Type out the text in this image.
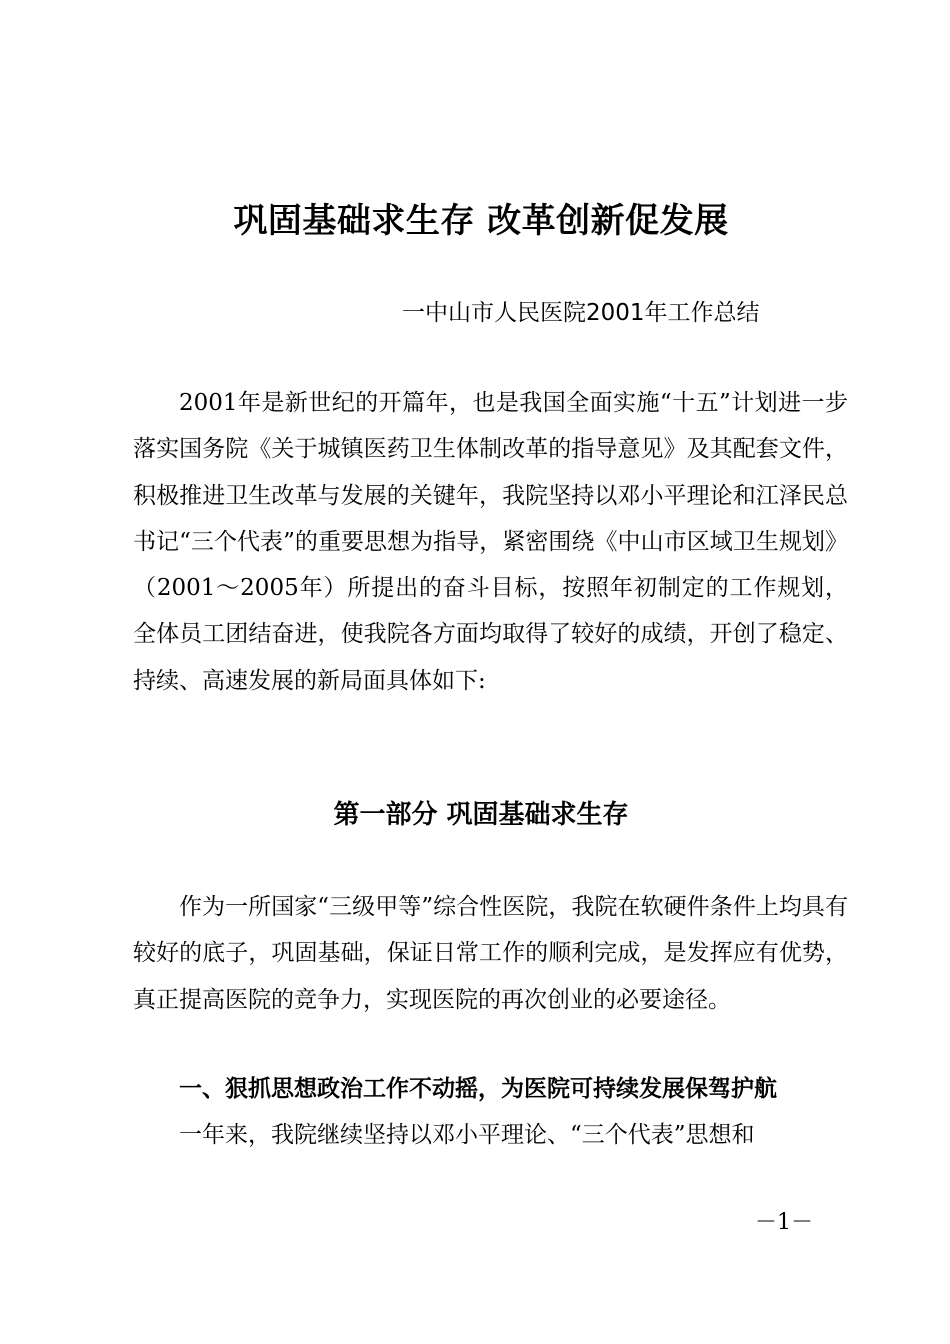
巩固基础求生存 改革创新促发展
一中山市人民医院2001年工作总结

2001年是新世纪的开篇年，也是我国全面实施“十五”计划进一步落实国务院《关于城镇医药卫生体制改革的指导意见》及其配套文件，积极推进卫生改革与发展的关键年，我院坚持以邓小平理论和江泽民总书记“三个代表”的重要思想为指导，紧密围绕《中山市区域卫生规划》（2001～2005年）所提出的奋斗目标，按照年初制定的工作规划，全体员工团结奋进，使我院各方面均取得了较好的成绩，开创了稳定、持续、高速发展的新局面具体如下:

第一部分 巩固基础求生存

作为一所国家“三级甲等”综合性医院，我院在软硬件条件上均具有较好的底子，巩固基础，保证日常工作的顺利完成，是发挥应有优势，真正提高医院的竞争力，实现医院的再次创业的必要途径。

一、狠抓思想政治工作不动摇，为医院可持续发展保驾护航

一年来，我院继续坚持以邓小平理论、“三个代表”思想和

－1－
